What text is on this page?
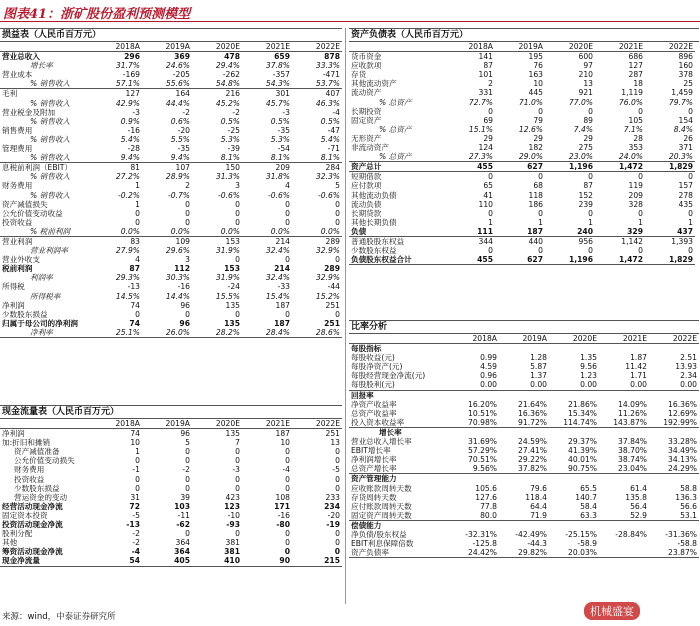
图表41：浙矿股份盈利预测模型
损益表（人民币百万元）
	2018A	2019A	2020E	2021E	2022E
营业总收入	296	369	478	659	878
增长率	31.7%	24.6%	29.4%	37.8%	33.3%
营业成本	-169	-205	-262	-357	-471
% 销售收入	57.1%	55.6%	54.8%	54.3%	53.7%
毛利	127	164	216	301	407
% 销售收入	42.9%	44.4%	45.2%	45.7%	46.3%
营业税金及附加	-3	-2	-2	-3	-4
% 销售收入	0.9%	0.6%	0.5%	0.5%	0.5%
销售费用	-16	-20	-25	-35	-47
% 销售收入	5.4%	5.5%	5.3%	5.3%	5.4%
管理费用	-28	-35	-39	-54	-71
% 销售收入	9.4%	9.4%	8.1%	8.1%	8.1%
息税前利润（EBIT）	81	107	150	209	284
% 销售收入	27.2%	28.9%	31.3%	31.8%	32.3%
财务费用	1	2	3	4	5
% 销售收入	-0.2%	-0.7%	-0.6%	-0.6%	-0.6%
资产减值损失	1	0	0	0	0
公允价值变动收益	0	0	0	0	0
投资收益	0	0	0	0	0
% 税前利润	0.0%	0.0%	0.0%	0.0%	0.0%
营业利润	83	109	153	214	289
营业利润率	27.9%	29.6%	31.9%	32.4%	32.9%
营业外收支	4	3	0	0	0
税前利润	87	112	153	214	289
利润率	29.3%	30.3%	31.9%	32.4%	32.9%
所得税	-13	-16	-24	-33	-44
所得税率	14.5%	14.4%	15.5%	15.4%	15.2%
净利润	74	96	135	187	251
少数股东损益	0	0	0	0	0
归属于母公司的净利润	74	96	135	187	251
净利率	25.1%	26.0%	28.2%	28.4%	28.6%
现金流量表（人民币百万元）
	2018A	2019A	2020E	2021E	2022E
净利润	74	96	135	187	251
加:折旧和摊销	10	5	7	10	13
资产减值准备	1	0	0	0	0
公允价值变动损失	0	0	0	0	0
财务费用	-1	-2	-3	-4	-5
投资收益	0	0	0	0	0
少数股东损益	0	0	0	0	0
营运资金的变动	31	39	423	108	233
经营活动现金净流	72	103	123	171	234
固定资本投资	-5	-11	-10	-16	-20
投资活动现金净流	-13	-62	-93	-80	-19
股利分配	-2	0	0	0	0
其他	-2	364	381	0	0
筹资活动现金净流	-4	364	381	0	0
现金净流量	54	405	410	90	215
资产负债表（人民币百万元）
	2018A	2019A	2020E	2021E	2022E
货币资金	141	195	600	686	896
应收款项	87	76	97	127	160
存货	101	163	210	287	378
其他流动资产	2	10	13	18	25
流动资产	331	445	921	1,119	1,459
% 总资产	72.7%	71.0%	77.0%	76.0%	79.7%
长期投资	0	0	0	0	0
固定资产	69	79	89	105	154
% 总资产	15.1%	12.6%	7.4%	7.1%	8.4%
无形资产	29	29	29	28	26
非流动资产	124	182	275	353	371
% 总资产	27.3%	29.0%	23.0%	24.0%	20.3%
资产总计	455	627	1,196	1,472	1,829
短期借款	0	0	0	0	0
应付款项	65	68	87	119	157
其他流动负债	41	118	152	209	278
流动负债	110	186	239	328	435
长期贷款	0	0	0	0	0
其他长期负债	1	1	1	1	1
负债	111	187	240	329	437
普通股股东权益	344	440	956	1,142	1,393
少数股东权益	0	0	0	0	0
负债股东权益合计	455	627	1,196	1,472	1,829
比率分析
	2018A	2019A	2020E	2021E	2022E
每股指标					
每股收益(元)	0.99	1.28	1.35	1.87	2.51
每股净资产(元)	4.59	5.87	9.56	11.42	13.93
每股经营现金净流(元)	0.96	1.37	1.23	1.71	2.34
每股股利(元)	0.00	0.00	0.00	0.00	0.00
回报率					
净资产收益率	16.20%	21.64%	21.86%	14.09%	16.36%
总资产收益率	10.51%	16.36%	15.34%	11.26%	12.69%
投入资本收益率	70.98%	91.72%	114.74%	143.87%	192.99%
增长率					
营业总收入增长率	31.69%	24.59%	29.37%	37.84%	33.28%
EBIT增长率	57.29%	27.41%	41.39%	38.70%	34.49%
净利润增长率	70.51%	29.22%	40.01%	38.74%	34.13%
总资产增长率	9.56%	37.82%	90.75%	23.04%	24.29%
资产管理能力					
应收账款周转天数	105.6	79.6	65.5	61.4	58.8
存货周转天数	127.6	118.4	140.7	135.8	136.3
应付账款周转天数	77.8	64.4	58.4	56.4	56.6
固定资产周转天数	80.0	71.9	63.3	52.9	53.1
偿债能力					
净负债/股东权益	-32.31%	-42.49%	-25.15%	-28.84%	-31.36%
EBIT利息保障倍数	-125.8	-44.3	-58.9		-58.8
资产负债率	24.42%	29.82%	20.03%		23.87%
来源：wind，中泰证券研究所	机械盛宴
